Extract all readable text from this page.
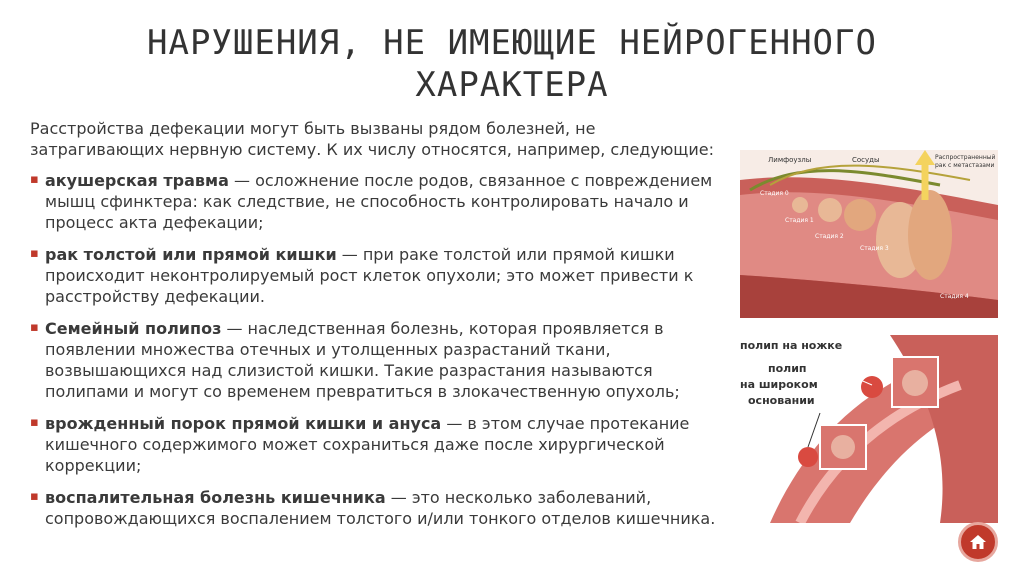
НАРУШЕНИЯ, НЕ ИМЕЮЩИЕ НЕЙРОГЕННОГО ХАРАКТЕРА

Расстройства дефекации могут быть вызваны рядом болезней, не затрагивающих нервную систему. К их числу относятся, например, следующие:

▪ акушерская травма — осложнение после родов, связанное с повреждением мышц сфинктера: как следствие, не способность контролировать начало и процесс акта дефекации;
▪ рак толстой или прямой кишки — при раке толстой или прямой кишки происходит неконтролируемый рост клеток опухоли; это может привести к расстройству дефекации.
▪ Семейный полипоз — наследственная болезнь, которая проявляется в появлении множества отечных и утолщенных разрастаний ткани, возвышающихся над слизистой кишки. Такие разрастания называются полипами и могут со временем превратиться в злокачественную опухоль;
▪ врожденный порок прямой кишки и ануса — в этом случае протекание кишечного содержимого может сохраниться даже после хирургической коррекции;
▪ воспалительная болезнь кишечника — это несколько заболеваний, сопровождающихся воспалением толстого и/или тонкого отделов кишечника.
Лимфоузлы	Сосуды	Распространенный
рак с метастазами
Стадия 0
Стадия 1
Стадия 2
Стадия 3
Стадия 4
полип на ножке
полип
на широком
основании
